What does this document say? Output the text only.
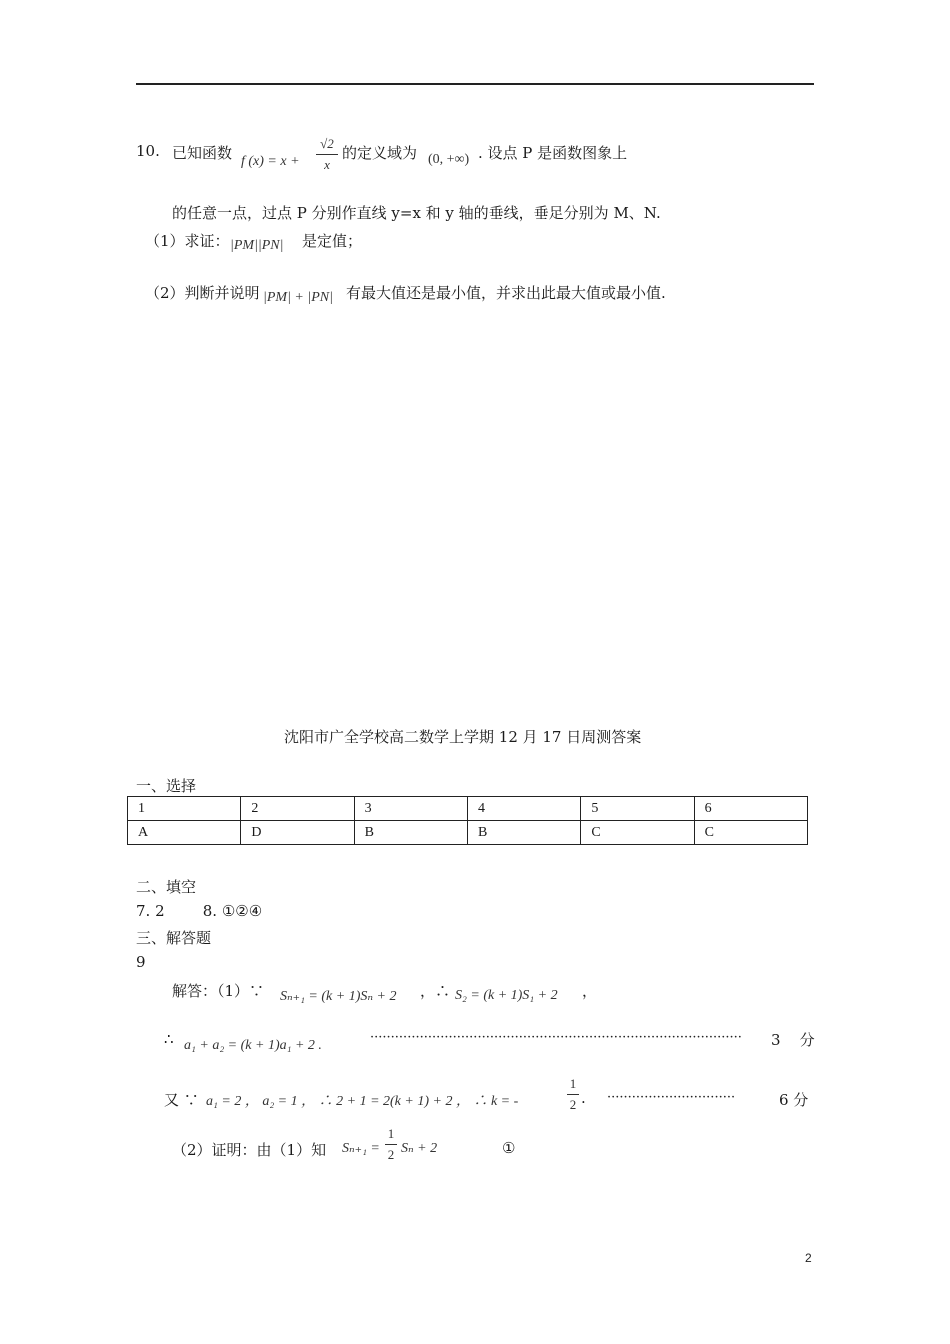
10. 已知函数 f (x) = x +
√2
x
的定义域为 (0, +∞) . 设点 P 是函数图象上
的任意一点，过点 P 分别作直线 y=x 和 y 轴的垂线，垂足分别为 M、N.
（1）求证： |PM||PN| 是定值；
（2）判断并说明 |PM| + |PN| 有最大值还是最小值，并求出此最大值或最小值.
沈阳市广全学校高二数学上学期 12 月 17 日周测答案
一、选择
1	2	3	4	5	6
A	D	B	B	C	C
二、填空
7. 2        8. ①②④
三、解答题
9
解答：（1）∵ Sₙ₊₁ = (k + 1)Sₙ + 2 ，∴ S₂ = (k + 1)S₁ + 2 ，
∴ a₁ + a₂ = (k + 1)a₁ + 2 .
·························································································· 3    分
又 ∵ a₁ = 2 ， a₂ = 1 ， ∴ 2 + 1 = 2(k + 1) + 2 ， ∴ k = -
1
2 . ·······························	6 分
（2）证明：由（1）知 Sₙ₊₁ =
1
2 Sₙ + 2	①
2
